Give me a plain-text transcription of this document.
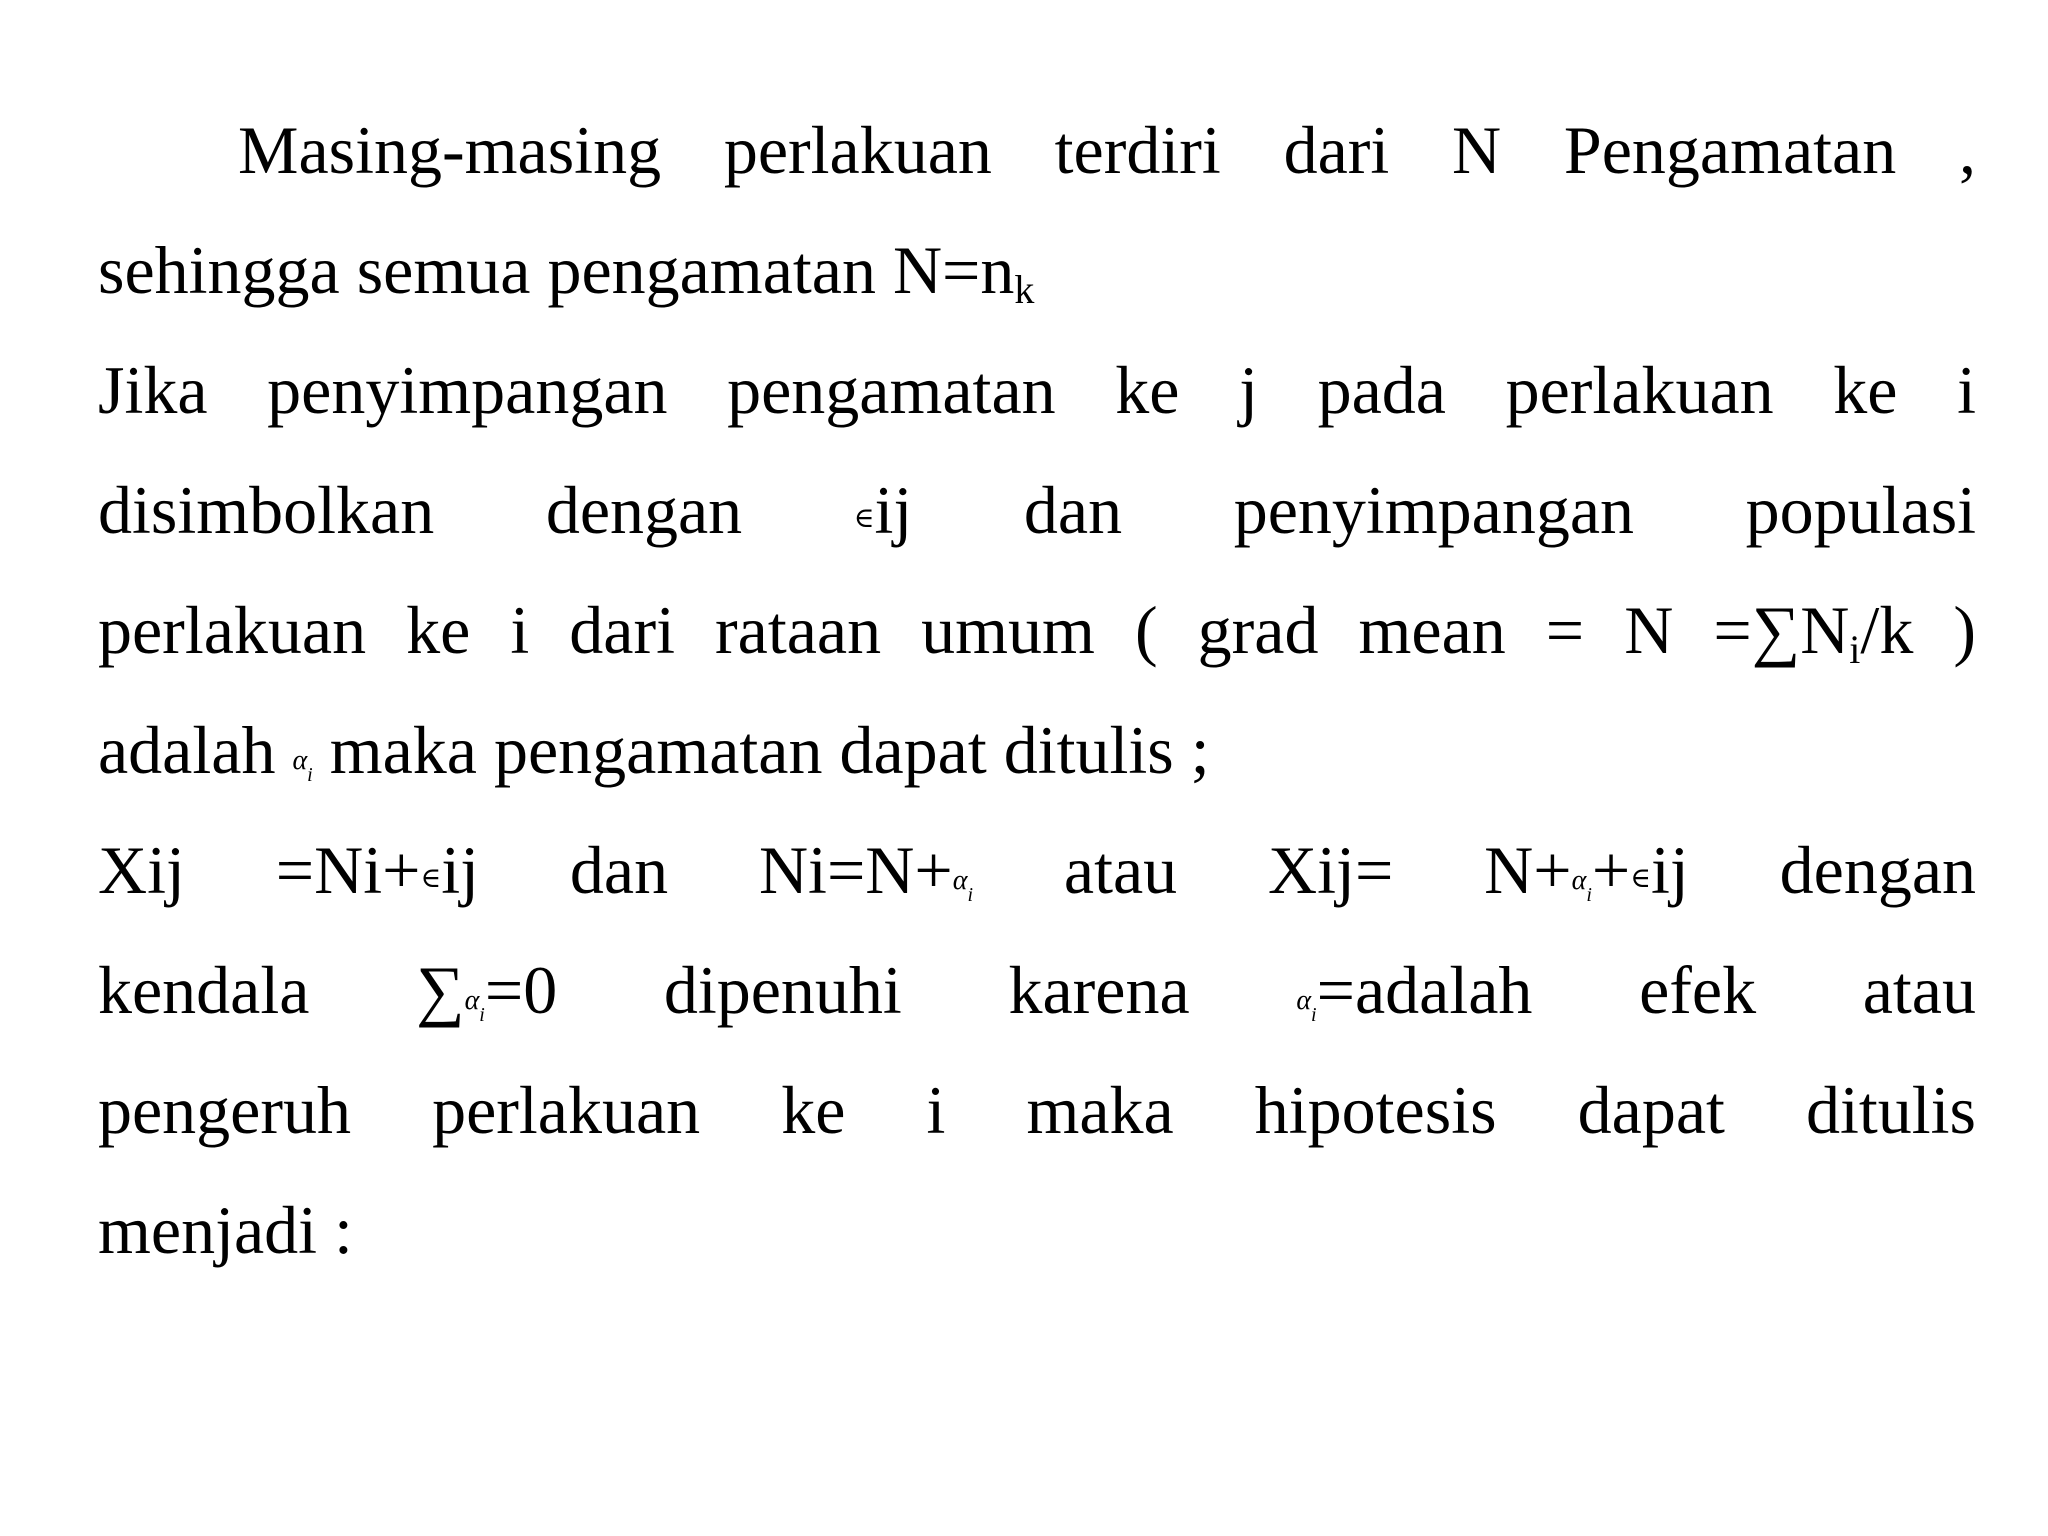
Masing-masing perlakuan terdiri dari N Pengamatan ,
sehingga semua pengamatan $N=n_k$
Jika penyimpangan pengamatan ke j pada perlakuan ke i
disimbolkan dengan	∈ij dan penyimpangan populasi
perlakuan ke i dari rataan umum ( grad mean = $N =\sum N_i/k$ )
adalah αi maka pengamatan dapat ditulis ;
Xij =Ni+∈ij dan Ni=N+αi atau Xij= N+αi+∈ij dengan
kendala ∑αi=0 dipenuhi karena	αi=adalah efek atau
pengeruh perlakuan ke i maka hipotesis dapat ditulis
menjadi :
